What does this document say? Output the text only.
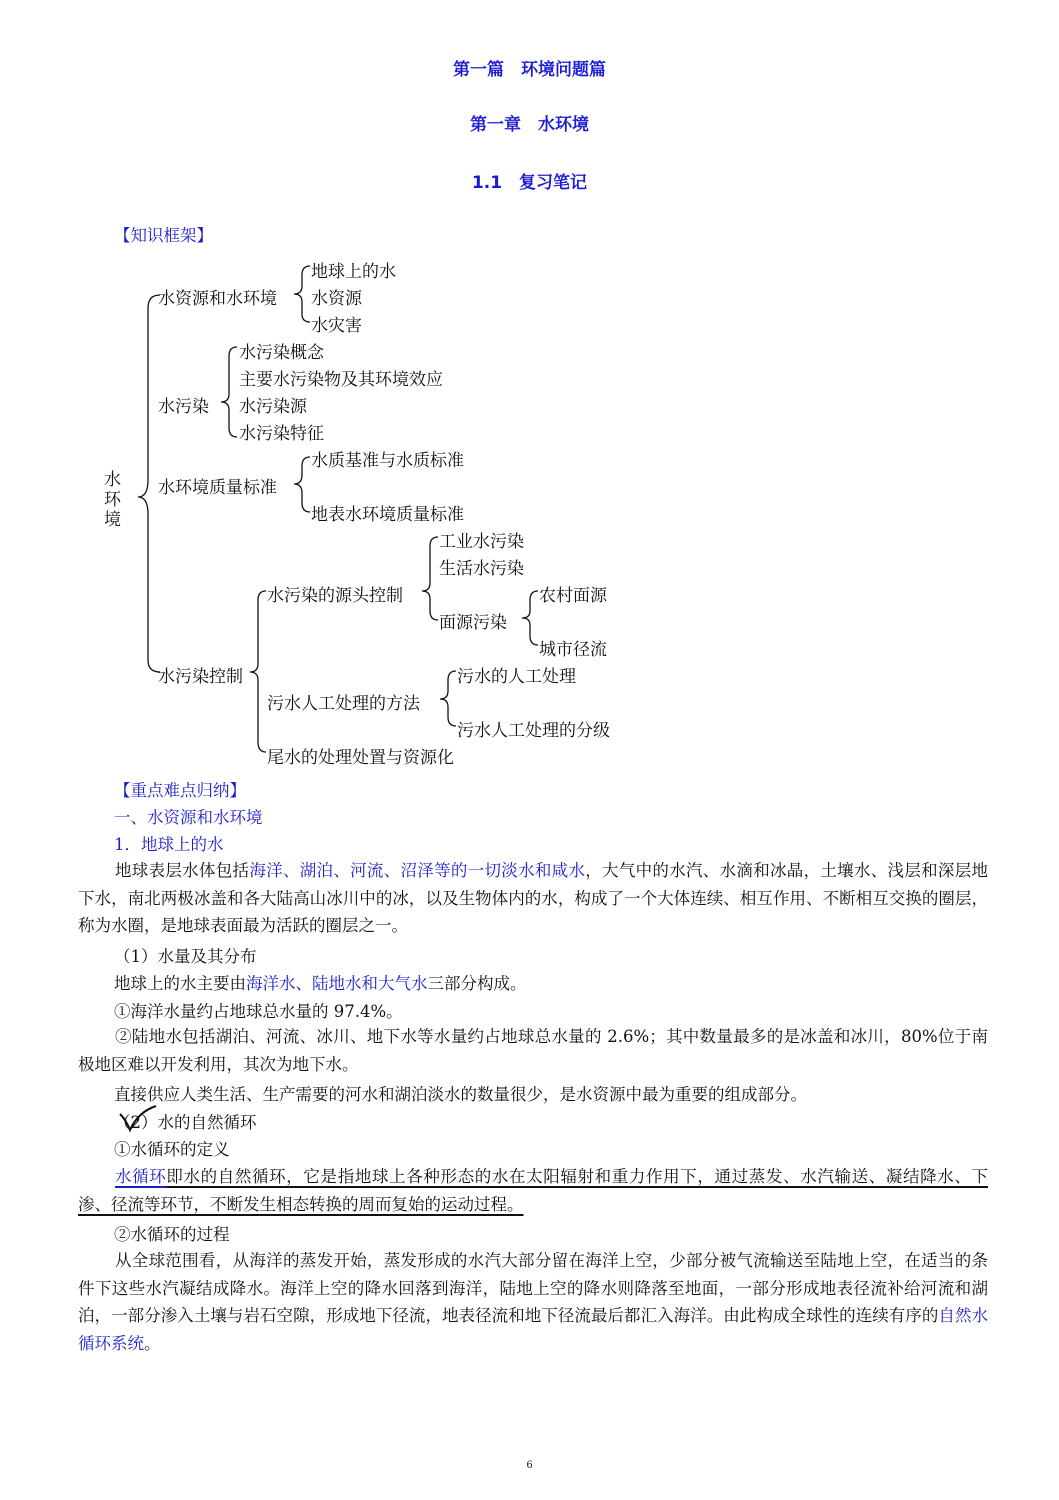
第一篇　环境问题篇
第一章　水环境
1.1　复习笔记
【知识框架】
水
环
境
水资源和水环境
地球上的水
水资源
水灾害
水污染
水污染概念
主要水污染物及其环境效应
水污染源
水污染特征
水环境质量标准
水质基准与水质标准
地表水环境质量标准
水污染控制
水污染的源头控制
工业水污染
生活水污染
面源污染
农村面源
城市径流
污水人工处理的方法
污水的人工处理
污水人工处理的分级
尾水的处理处置与资源化
【重点难点归纳】
一、水资源和水环境
1．地球上的水
地球表层水体包括海洋、湖泊、河流、沼泽等的一切淡水和咸水，大气中的水汽、水滴和冰晶，土壤水、浅层和深层地下水，南北两极冰盖和各大陆高山冰川中的冰，以及生物体内的水，构成了一个大体连续、相互作用、不断相互交换的圈层，称为水圈，是地球表面最为活跃的圈层之一。
（1）水量及其分布
地球上的水主要由海洋水、陆地水和大气水三部分构成。
①海洋水量约占地球总水量的 97.4%。
②陆地水包括湖泊、河流、冰川、地下水等水量约占地球总水量的 2.6%；其中数量最多的是冰盖和冰川，80%位于南极地区难以开发利用，其次为地下水。
直接供应人类生活、生产需要的河水和湖泊淡水的数量很少，是水资源中最为重要的组成部分。
（2）水的自然循环
①水循环的定义
水循环即水的自然循环，它是指地球上各种形态的水在太阳辐射和重力作用下，通过蒸发、水汽输送、凝结降水、下渗、径流等环节，不断发生相态转换的周而复始的运动过程。
②水循环的过程
从全球范围看，从海洋的蒸发开始，蒸发形成的水汽大部分留在海洋上空，少部分被气流输送至陆地上空，在适当的条件下这些水汽凝结成降水。海洋上空的降水回落到海洋，陆地上空的降水则降落至地面，一部分形成地表径流补给河流和湖泊，一部分渗入土壤与岩石空隙，形成地下径流，地表径流和地下径流最后都汇入海洋。由此构成全球性的连续有序的自然水循环系统。
6
